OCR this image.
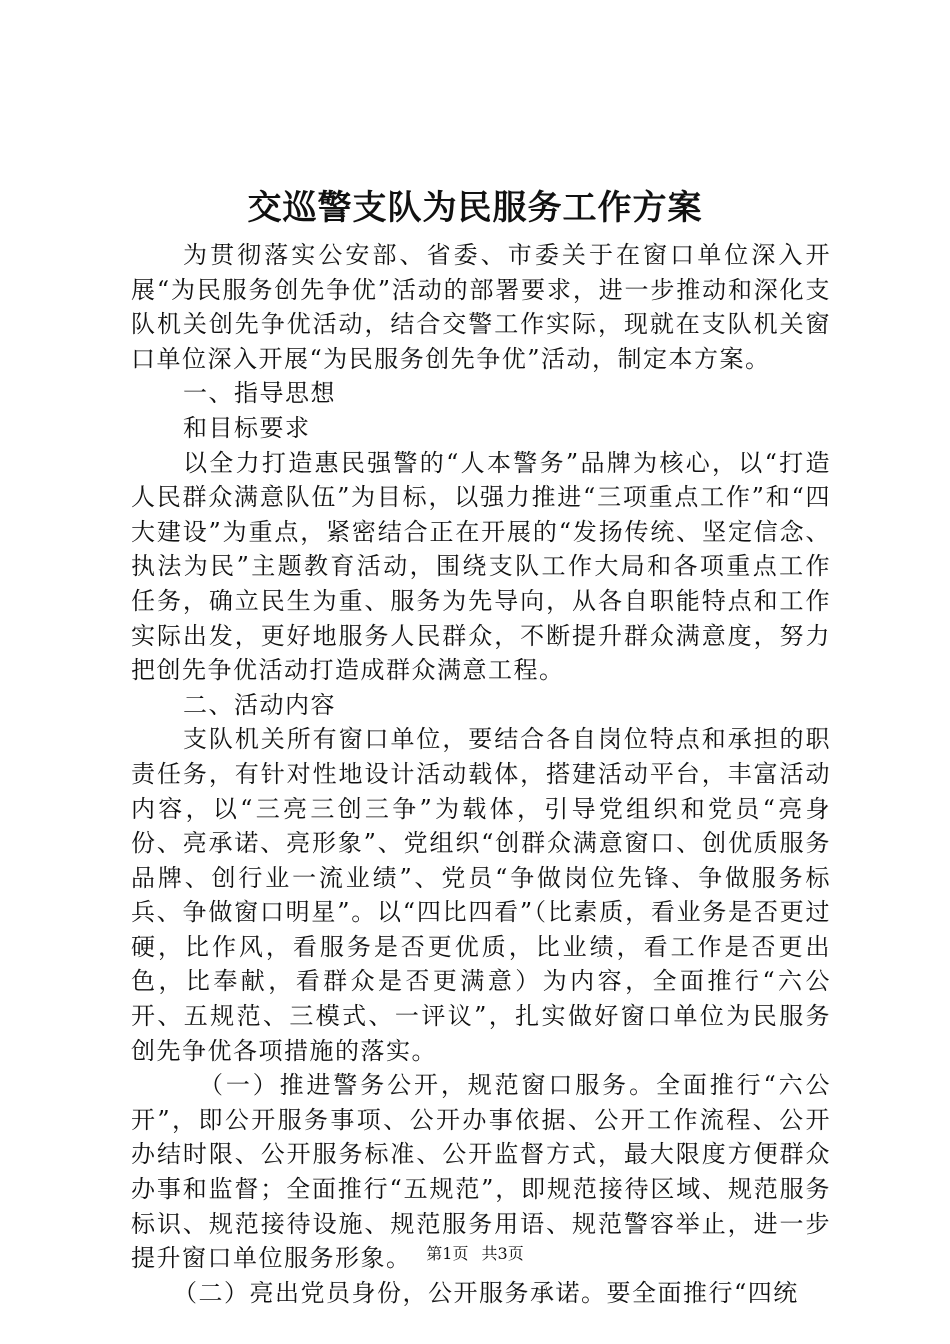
交巡警支队为民服务工作方案

为贯彻落实公安部、省委、市委关于在窗口单位深入开展“为民服务创先争优”活动的部署要求，进一步推动和深化支队机关创先争优活动，结合交警工作实际，现就在支队机关窗口单位深入开展“为民服务创先争优”活动，制定本方案。

一、指导思想

和目标要求

以全力打造惠民强警的“人本警务”品牌为核心，以“打造人民群众满意队伍”为目标，以强力推进“三项重点工作”和“四大建设”为重点，紧密结合正在开展的“发扬传统、坚定信念、执法为民”主题教育活动，围绕支队工作大局和各项重点工作任务，确立民生为重、服务为先导向，从各自职能特点和工作实际出发，更好地服务人民群众，不断提升群众满意度，努力把创先争优活动打造成群众满意工程。

二、活动内容

支队机关所有窗口单位，要结合各自岗位特点和承担的职责任务，有针对性地设计活动载体，搭建活动平台，丰富活动内容，以“三亮三创三争”为载体，引导党组织和党员“亮身份、亮承诺、亮形象”、党组织“创群众满意窗口、创优质服务品牌、创行业一流业绩”、党员“争做岗位先锋、争做服务标兵、争做窗口明星”。以“四比四看”（比素质，看业务是否更过硬，比作风，看服务是否更优质，比业绩，看工作是否更出色，比奉献，看群众是否更满意）为内容，全面推行“六公开、五规范、三模式、一评议”，扎实做好窗口单位为民服务创先争优各项措施的落实。

（一）推进警务公开，规范窗口服务。全面推行“六公开”，即公开服务事项、公开办事依据、公开工作流程、公开办结时限、公开服务标准、公开监督方式，最大限度方便群众办事和监督；全面推行“五规范”，即规范接待区域、规范服务标识、规范接待设施、规范服务用语、规范警容举止，进一步提升窗口单位服务形象。

（二）亮出党员身份，公开服务承诺。要全面推行“四统

第1页 共3页
